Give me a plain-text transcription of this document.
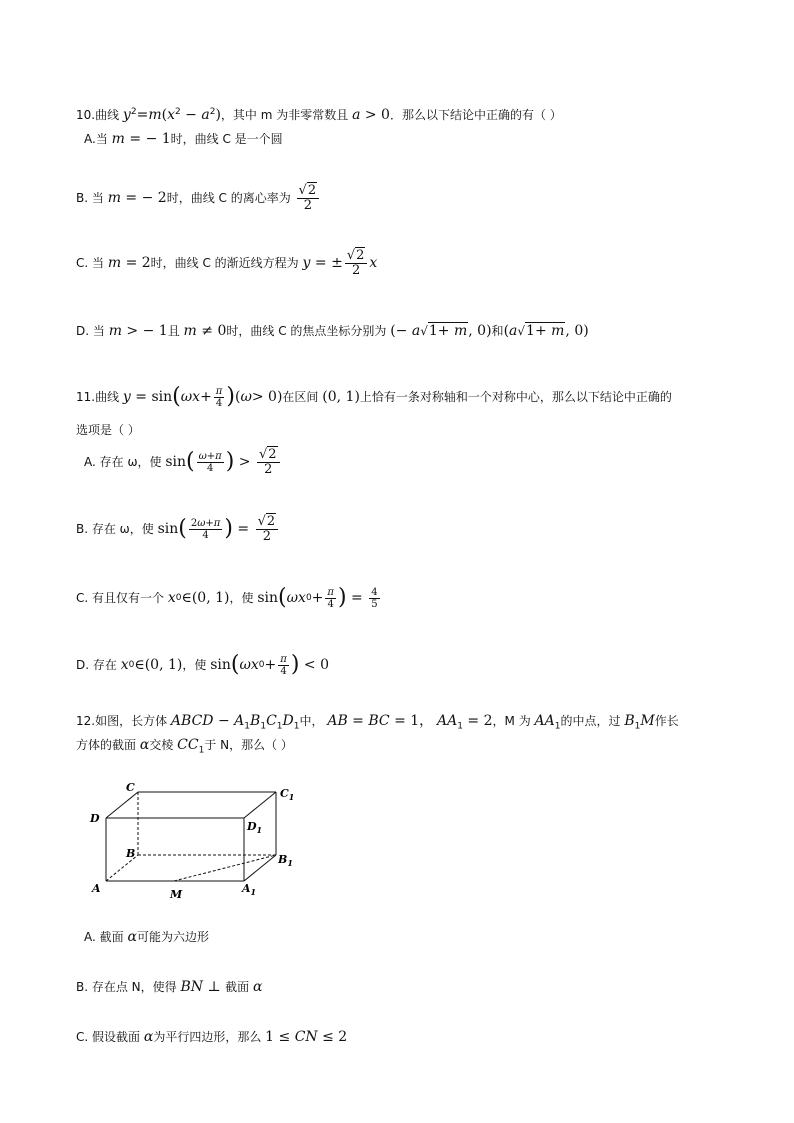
10.曲线 $y^2=m(x^2 - a^2)$，其中 m 为非零常数且 a > 0．那么以下结论中正确的有（ ）
A.当 m = − 1时，曲线 C 是一个圆
B. 当
m = − 2 时，曲线 C 的离心率为
$\frac{√2}{2}$
C. 当
m = 2 时，曲线 C 的渐近线方程为
y = ± $\frac{√2}{2}$ x
D. 当 m > − 1且 m ≠ 0时，曲线 C 的焦点坐标分别为 (− a√1+ m, 0)和(a√1+ m, 0)
11.曲线
y = sin ( $\omega x + \frac{\pi}{4}$ ) ( ω > 0) 在区间
(0, 1) 上恰有一条对称轴和一个对称中心，那么以下结论中正确的
选项是（ ）
A. 存在 ω，使
sin ( $\frac{\omega+\pi}{4}$ ) > $\frac{√2}{2}$
B. 存在 ω，使
sin ( $\frac{2\omega+\pi}{4}$ ) = $\frac{√2}{2}$
C. 有且仅有一个
x 0 ∈(0, 1) ，使
sin ( ωx $0 + \frac{\pi}{4}$ ) = $\frac{4}{5}$
D. 存在
x 0 ∈(0, 1) ，使
sin ( ωx $0 + \frac{\pi}{4}$ ) < 0
12.如图，长方体 ABCD − $A_1B_1C_1D_1$中， AB = BC = 1， $AA_1 = 2$，M 为 $AA_1$的中点，过 $B_1M$作长
方体的截面 α交棱 $CC_1$于 N，那么（ ）
C	$C_1$
D
$D_1$
B	$B_1$
A	$A_1$
M
A. 截面 α可能为六边形
B. 存在点 N，使得 BN ⊥ 截面 α
C. 假设截面 α为平行四边形，那么 1 ≤ CN ≤ 2
